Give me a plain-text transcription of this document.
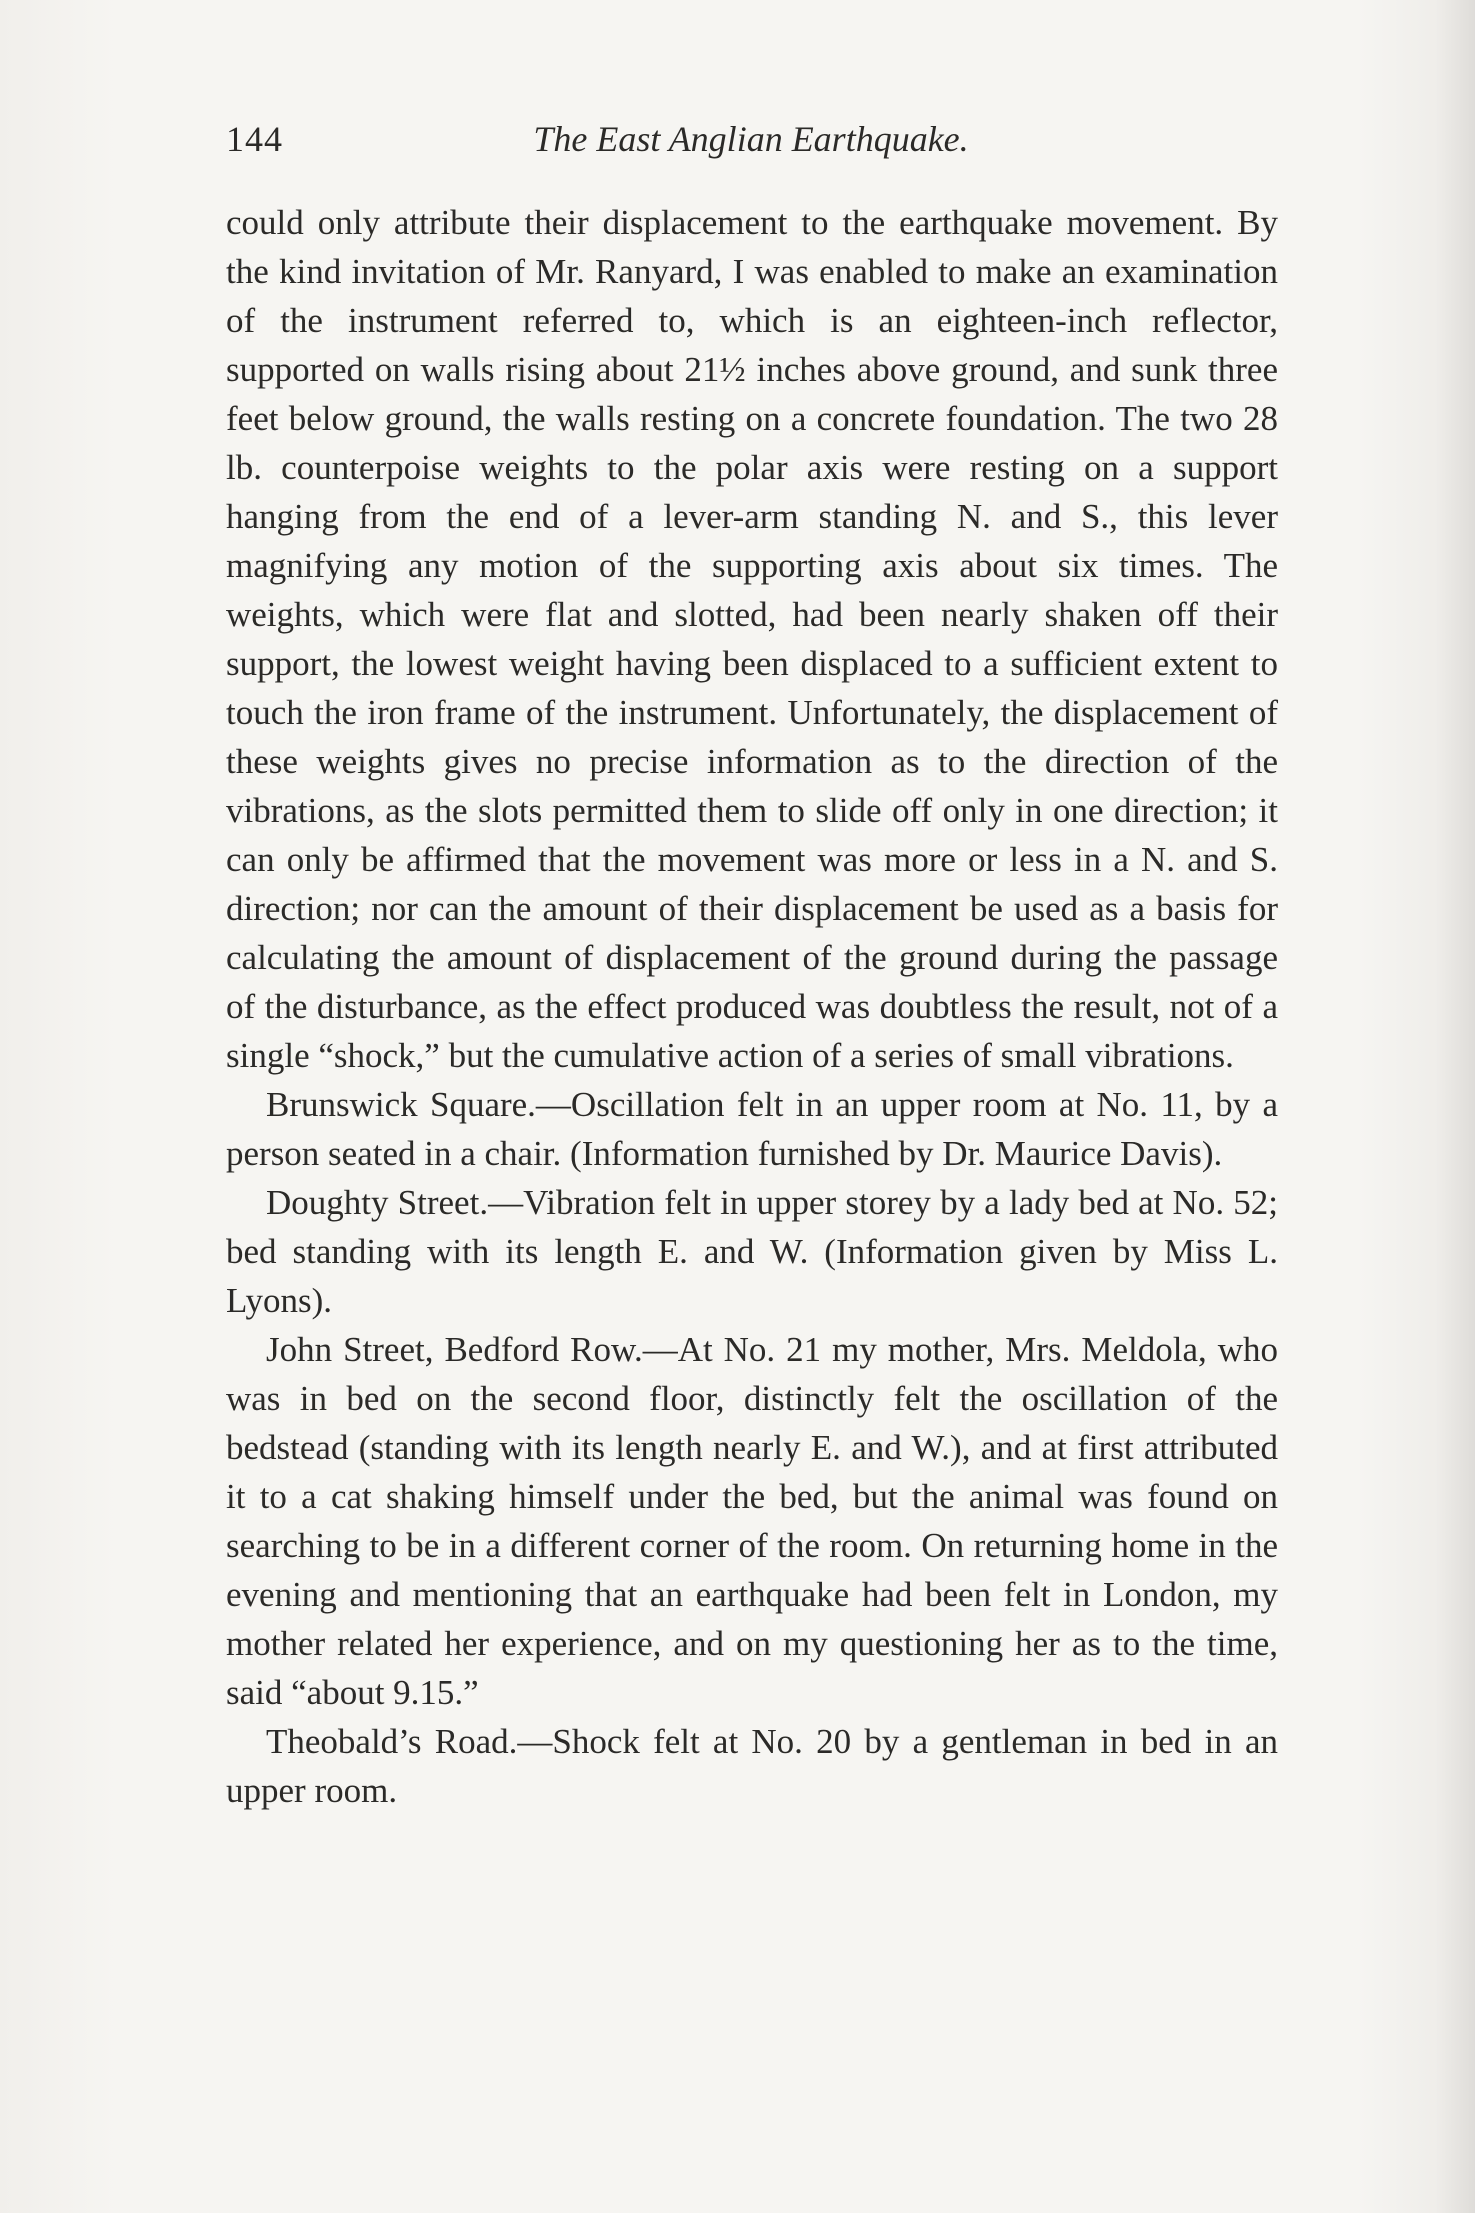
144	The East Anglian Earthquake.

could only attribute their displacement to the earthquake movement. By the kind invitation of Mr. Ranyard, I was enabled to make an examination of the instrument referred to, which is an eighteen-inch reflector, supported on walls rising about 21½ inches above ground, and sunk three feet below ground, the walls resting on a concrete foundation. The two 28 lb. counterpoise weights to the polar axis were resting on a support hanging from the end of a lever-arm standing N. and S., this lever magnifying any motion of the supporting axis about six times. The weights, which were flat and slotted, had been nearly shaken off their support, the lowest weight having been displaced to a sufficient extent to touch the iron frame of the instrument. Unfortunately, the displacement of these weights gives no precise information as to the direction of the vibrations, as the slots permitted them to slide off only in one direction; it can only be affirmed that the movement was more or less in a N. and S. direction; nor can the amount of their displacement be used as a basis for calculating the amount of displacement of the ground during the passage of the disturbance, as the effect produced was doubtless the result, not of a single “shock,” but the cumulative action of a series of small vibrations.

Brunswick Square.—Oscillation felt in an upper room at No. 11, by a person seated in a chair. (Information furnished by Dr. Maurice Davis).

Doughty Street.—Vibration felt in upper storey by a lady bed at No. 52; bed standing with its length E. and W. (Information given by Miss L. Lyons).

John Street, Bedford Row.—At No. 21 my mother, Mrs. Meldola, who was in bed on the second floor, distinctly felt the oscillation of the bedstead (standing with its length nearly E. and W.), and at first attributed it to a cat shaking himself under the bed, but the animal was found on searching to be in a different corner of the room. On returning home in the evening and mentioning that an earthquake had been felt in London, my mother related her experience, and on my questioning her as to the time, said “about 9.15.”

Theobald’s Road.—Shock felt at No. 20 by a gentleman in bed in an upper room.
